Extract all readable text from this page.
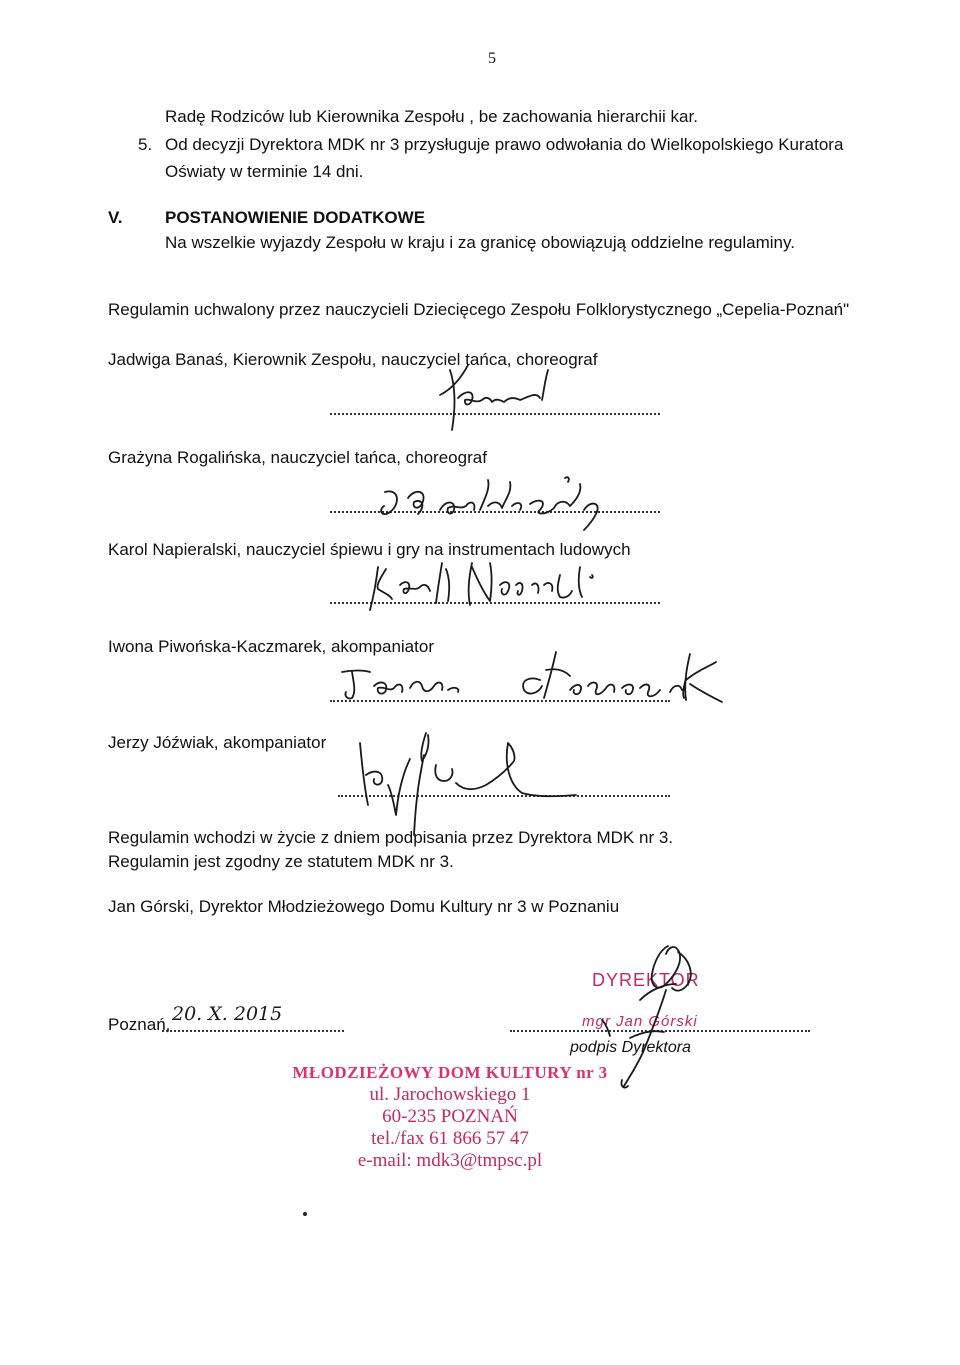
5
Radę Rodziców lub Kierownika Zespołu , be zachowania hierarchii kar.
5. Od decyzji Dyrektora MDK nr 3 przysługuje prawo odwołania do Wielkopolskiego Kuratora
Oświaty w terminie 14 dni.
V. POSTANOWIENIE DODATKOWE
Na wszelkie wyjazdy Zespołu w kraju i za granicę obowiązują oddzielne regulaminy.
Regulamin uchwalony przez nauczycieli Dziecięcego Zespołu Folklorystycznego „Cepelia-Poznań"
Jadwiga Banaś, Kierownik Zespołu, nauczyciel tańca, choreograf
Grażyna Rogalińska, nauczyciel tańca, choreograf
Karol Napieralski, nauczyciel śpiewu i gry na instrumentach ludowych
Iwona Piwońska-Kaczmarek, akompaniator
Jerzy Jóźwiak, akompaniator
Regulamin wchodzi w życie z dniem podpisania przez Dyrektora MDK nr 3.
Regulamin jest zgodny ze statutem MDK nr 3.
Jan Górski, Dyrektor Młodzieżowego Domu Kultury nr 3 w Poznaniu
Poznań, 20. X. 2015
DYREKTOR
mgr Jan Górski
podpis Dyrektora
MŁODZIEŻOWY DOM KULTURY nr 3
ul. Jarochowskiego 1
60-235 POZNAŃ
tel./fax 61 866 57 47
e-mail: mdk3@tmpsc.pl
